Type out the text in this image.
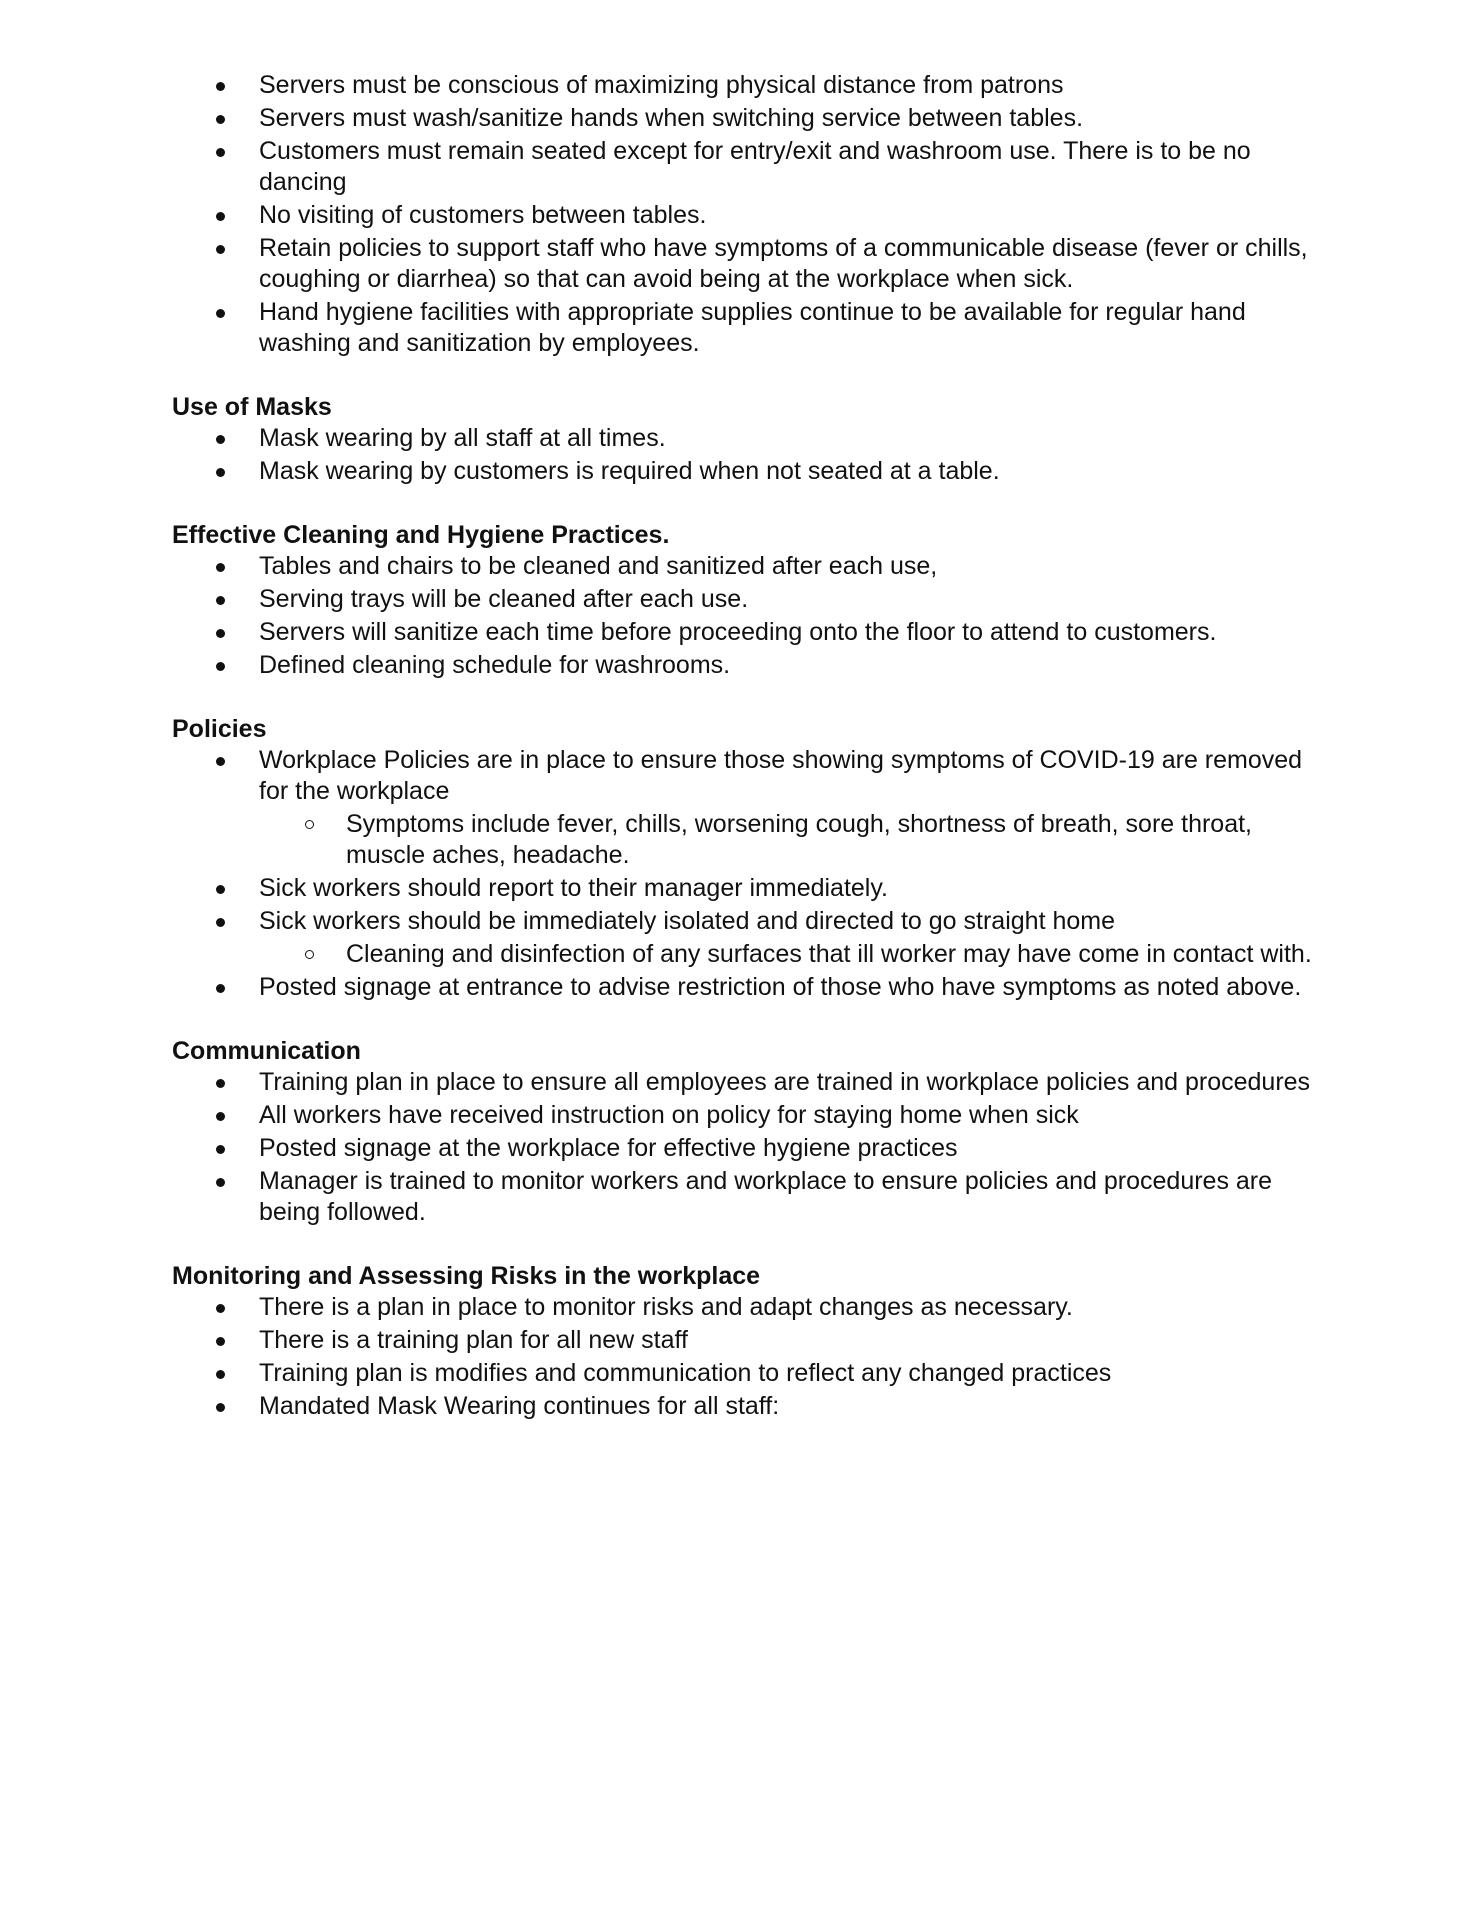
Servers must be conscious of maximizing physical distance from patrons
Servers must wash/sanitize hands when switching service between tables.
Customers must remain seated except for entry/exit and washroom use. There is to be no dancing
No visiting of customers between tables.
Retain policies to support staff who have symptoms of a communicable disease (fever or chills, coughing or diarrhea) so that can avoid being at the workplace when sick.
Hand hygiene facilities with appropriate supplies continue to be available for regular hand washing and sanitization by employees.

Use of Masks

Mask wearing by all staff at all times.
Mask wearing by customers is required when not seated at a table.

Effective Cleaning and Hygiene Practices.

Tables and chairs to be cleaned and sanitized after each use,
Serving trays will be cleaned after each use.
Servers will sanitize each time before proceeding onto the floor to attend to customers.
Defined cleaning schedule for washrooms.

Policies

Workplace Policies are in place to ensure those showing symptoms of COVID-19 are removed for the workplace
Symptoms include fever, chills, worsening cough, shortness of breath, sore throat, muscle aches, headache.
Sick workers should report to their manager immediately.
Sick workers should be immediately isolated and directed to go straight home
Cleaning and disinfection of any surfaces that ill worker may have come in contact with.
Posted signage at entrance to advise restriction of those who have symptoms as noted above.

Communication

Training plan in place to ensure all employees are trained in workplace policies and procedures
All workers have received instruction on policy for staying home when sick
Posted signage at the workplace for effective hygiene practices
Manager is trained to monitor workers and workplace to ensure policies and procedures are being followed.

Monitoring and Assessing Risks in the workplace

There is a plan in place to monitor risks and adapt changes as necessary.
There is a training plan for all new staff
Training plan is modifies and communication to reflect any changed practices
Mandated Mask Wearing continues for all staff:
